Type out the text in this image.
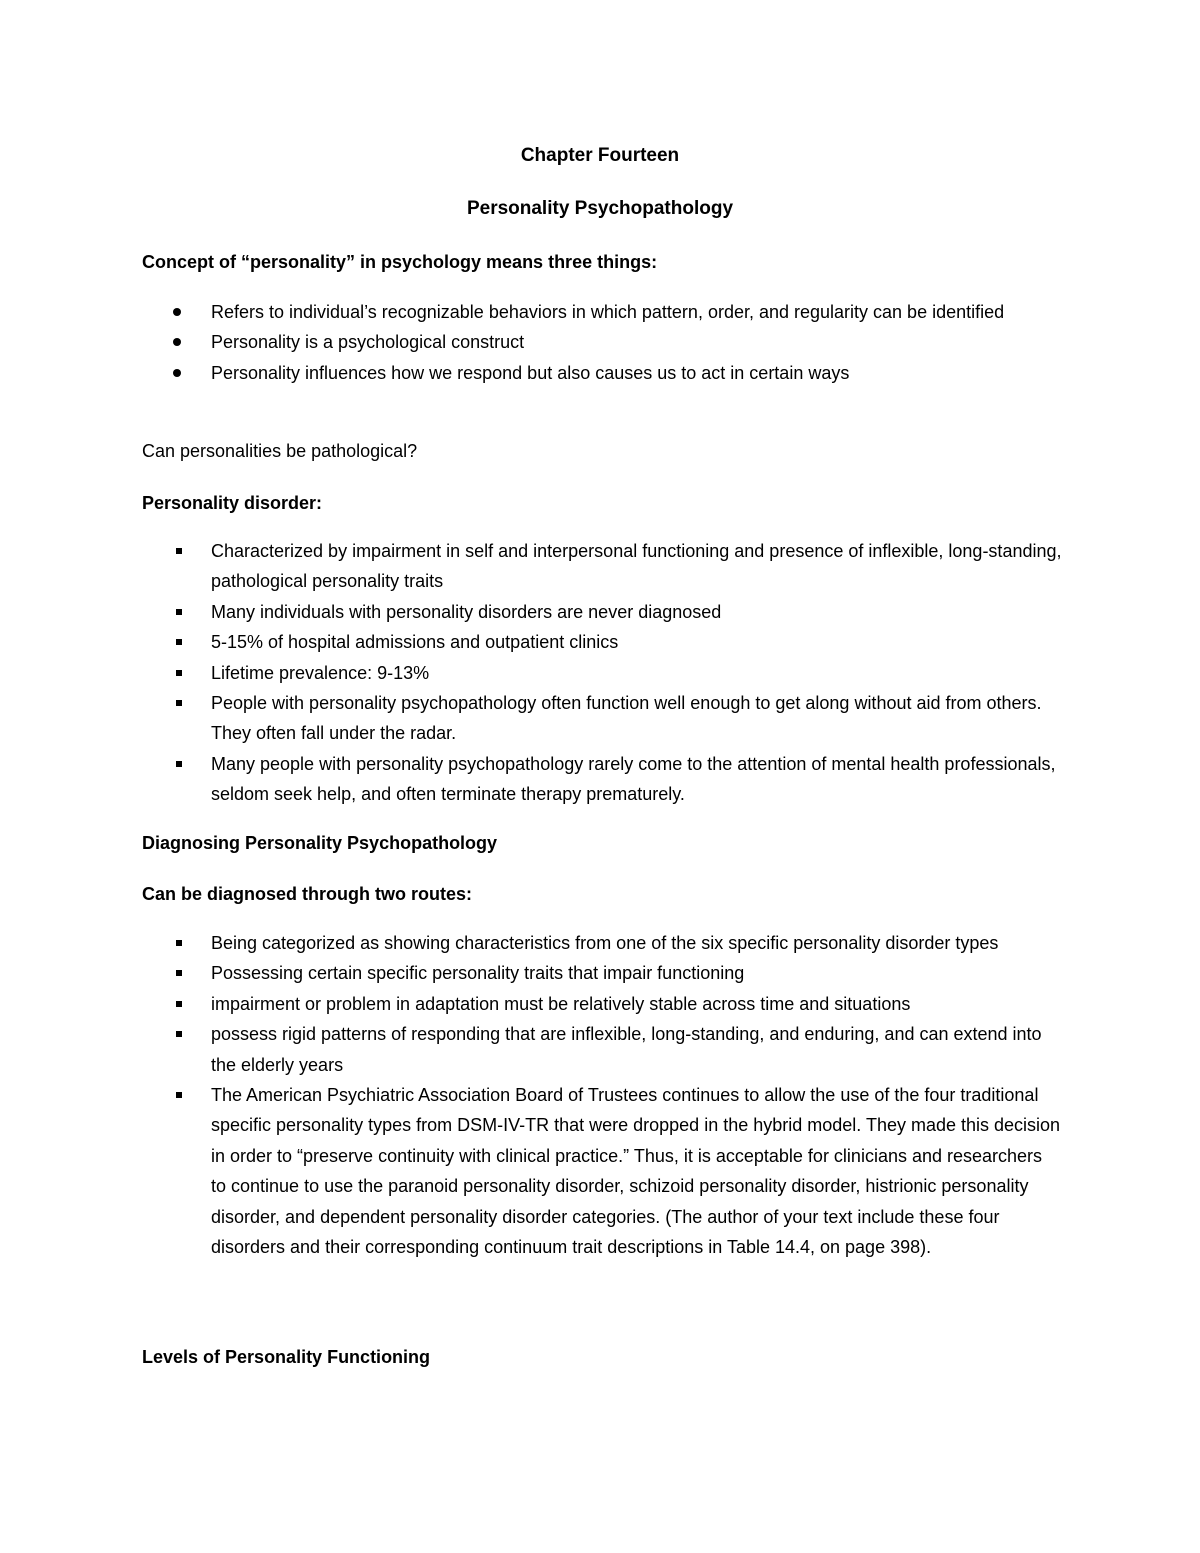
Chapter Fourteen
Personality Psychopathology
Concept of “personality” in psychology means three things:
Refers to individual’s recognizable behaviors in which pattern, order, and regularity can be identified
Personality is a psychological construct
Personality influences how we respond but also causes us to act in certain ways
Can personalities be pathological?
Personality disorder:
Characterized by impairment in self and interpersonal functioning and presence of inflexible, long-standing, pathological personality traits
Many individuals with personality disorders are never diagnosed
5-15% of hospital admissions and outpatient clinics
Lifetime prevalence: 9-13%
People with personality psychopathology often function well enough to get along without aid from others. They often fall under the radar.
Many people with personality psychopathology rarely come to the attention of mental health professionals, seldom seek help, and often terminate therapy prematurely.
Diagnosing Personality Psychopathology
Can be diagnosed through two routes:
Being categorized as showing characteristics from one of the six specific personality disorder types
Possessing certain specific personality traits that impair functioning
impairment or problem in adaptation must be relatively stable across time and situations
possess rigid patterns of responding that are inflexible, long-standing, and enduring, and can extend into the elderly years
The American Psychiatric Association Board of Trustees continues to allow the use of the four traditional specific personality types from DSM-IV-TR that were dropped in the hybrid model. They made this decision in order to “preserve continuity with clinical practice.” Thus, it is acceptable for clinicians and researchers to continue to use the paranoid personality disorder, schizoid personality disorder, histrionic personality disorder, and dependent personality disorder categories. (The author of your text include these four disorders and their corresponding continuum trait descriptions in Table 14.4, on page 398).
Levels of Personality Functioning
